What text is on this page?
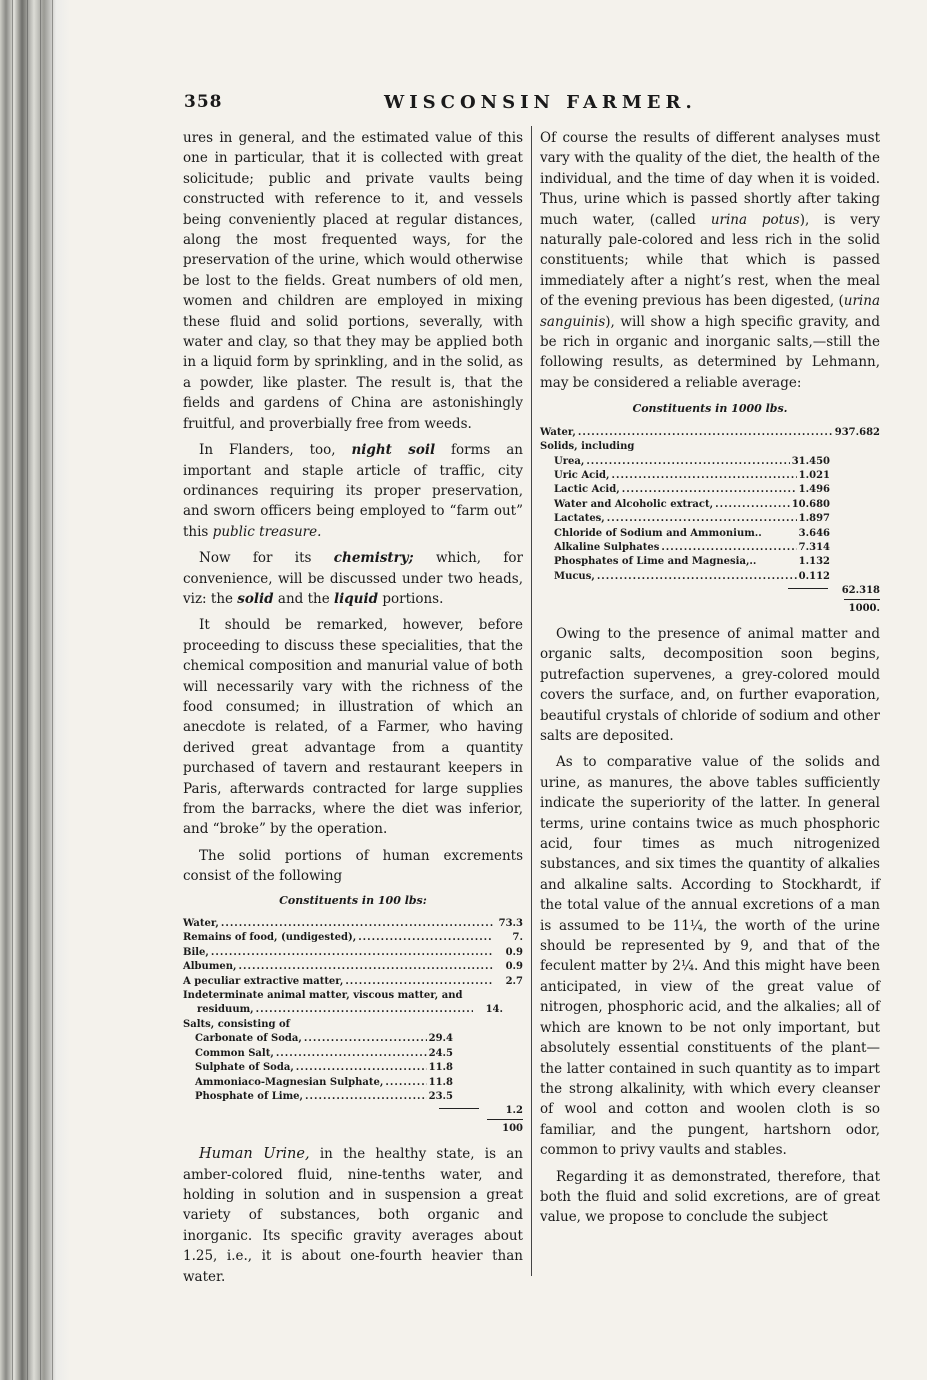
358	WISCONSIN FARMER.

ures in general, and the estimated value of this one in particular, that it is collected with great solicitude; public and private vaults being constructed with reference to it, and vessels being conveniently placed at regular distances, along the most frequented ways, for the preservation of the urine, which would otherwise be lost to the fields. Great numbers of old men, women and children are employed in mixing these fluid and solid portions, severally, with water and clay, so that they may be applied both in a liquid form by sprinkling, and in the solid, as a powder, like plaster. The result is, that the fields and gardens of China are astonishingly fruitful, and proverbially free from weeds.

In Flanders, too, night soil forms an important and staple article of traffic, city ordinances requiring its proper preservation, and sworn officers being employed to “farm out” this public treasure.

Now for its chemistry; which, for convenience, will be discussed under two heads, viz: the solid and the liquid portions.

It should be remarked, however, before proceeding to discuss these specialities, that the chemical composition and manurial value of both will necessarily vary with the richness of the food consumed; in illustration of which an anecdote is related, of a Farmer, who having derived great advantage from a quantity purchased of tavern and restaurant keepers in Paris, afterwards contracted for large supplies from the barracks, where the diet was inferior, and “broke” by the operation.

The solid portions of human excrements consist of the following

Constituents in 100 lbs:
Water, .....	73.3
Remains of food, (undigested), .....	7.
Bile, .....	0.9
Albumen, .....	0.9
A peculiar extractive matter, .....	2.7
Indeterminate animal matter, viscous matter, and
residuum, .....	14.
Salts, consisting of
Carbonate of Soda, .....	29.4
Common Salt, .....	24.5
Sulphate of Soda, .....	11.8
Ammoniaco-Magnesian Sulphate, .....	11.8
Phosphate of Lime, .....	23.5
1.2
100

Human Urine, in the healthy state, is an amber-colored fluid, nine-tenths water, and holding in solution and in suspension a great variety of substances, both organic and inorganic. Its specific gravity averages about 1.25, i.e., it is about one-fourth heavier than water.

Of course the results of different analyses must vary with the quality of the diet, the health of the individual, and the time of day when it is voided. Thus, urine which is passed shortly after taking much water, (called urina potus), is very naturally pale-colored and less rich in the solid constituents; while that which is passed immediately after a night’s rest, when the meal of the evening previous has been digested, (urina sanguinis), will show a high specific gravity, and be rich in organic and inorganic salts,—still the following results, as determined by Lehmann, may be considered a reliable average:

Constituents in 1000 lbs.
Water, .....	937.682
Solids, including
Urea, .....	31.450
Uric Acid, .....	1.021
Lactic Acid, .....	1.496
Water and Alcoholic extract, .....	10.680
Lactates, .....	1.897
Chloride of Sodium and Ammonium..	3.646
Alkaline Sulphates .....	7.314
Phosphates of Lime and Magnesia,..	1.132
Mucus, .....	0.112
62.318
1000.

Owing to the presence of animal matter and organic salts, decomposition soon begins, putrefaction supervenes, a grey-colored mould covers the surface, and, on further evaporation, beautiful crystals of chloride of sodium and other salts are deposited.

As to comparative value of the solids and urine, as manures, the above tables sufficiently indicate the superiority of the latter. In general terms, urine contains twice as much phosphoric acid, four times as much nitrogenized substances, and six times the quantity of alkalies and alkaline salts. According to Stockhardt, if the total value of the annual excretions of a man is assumed to be 11¼, the worth of the urine should be represented by 9, and that of the feculent matter by 2¼. And this might have been anticipated, in view of the great value of nitrogen, phosphoric acid, and the alkalies; all of which are known to be not only important, but absolutely essential constituents of the plant—the latter contained in such quantity as to impart the strong alkalinity, with which every cleanser of wool and cotton and woolen cloth is so familiar, and the pungent, hartshorn odor, common to privy vaults and stables.

Regarding it as demonstrated, therefore, that both the fluid and solid excretions, are of great value, we propose to conclude the subject
